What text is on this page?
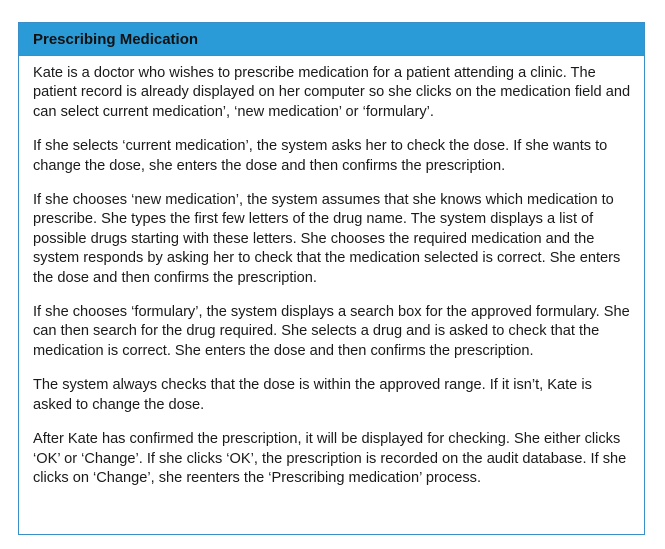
Prescribing Medication

Kate is a doctor who wishes to prescribe medication for a patient attending a clinic. The patient record is already displayed on her computer so she clicks on the medication field and can select current medication’, ‘new medication’ or ‘formulary’.

If she selects ‘current medication’, the system asks her to check the dose. If she wants to change the dose, she enters the dose and then confirms the prescription.

If she chooses ‘new medication’, the system assumes that she knows which medication to prescribe. She types the first few letters of the drug name. The system displays a list of possible drugs starting with these letters. She chooses the required medication and the system responds by asking her to check that the medication selected is correct. She enters the dose and then confirms the prescription.

If she chooses ‘formulary’, the system displays a search box for the approved formulary. She can then search for the drug required. She selects a drug and is asked to check that the medication is correct. She enters the dose and then confirms the prescription.

The system always checks that the dose is within the approved range. If it isn’t, Kate is asked to change the dose.

After Kate has confirmed the prescription, it will be displayed for checking. She either clicks ‘OK’ or ‘Change’. If she clicks ‘OK’, the prescription is recorded on the audit database. If she clicks on ‘Change’, she reenters the ‘Prescribing medication’ process.
